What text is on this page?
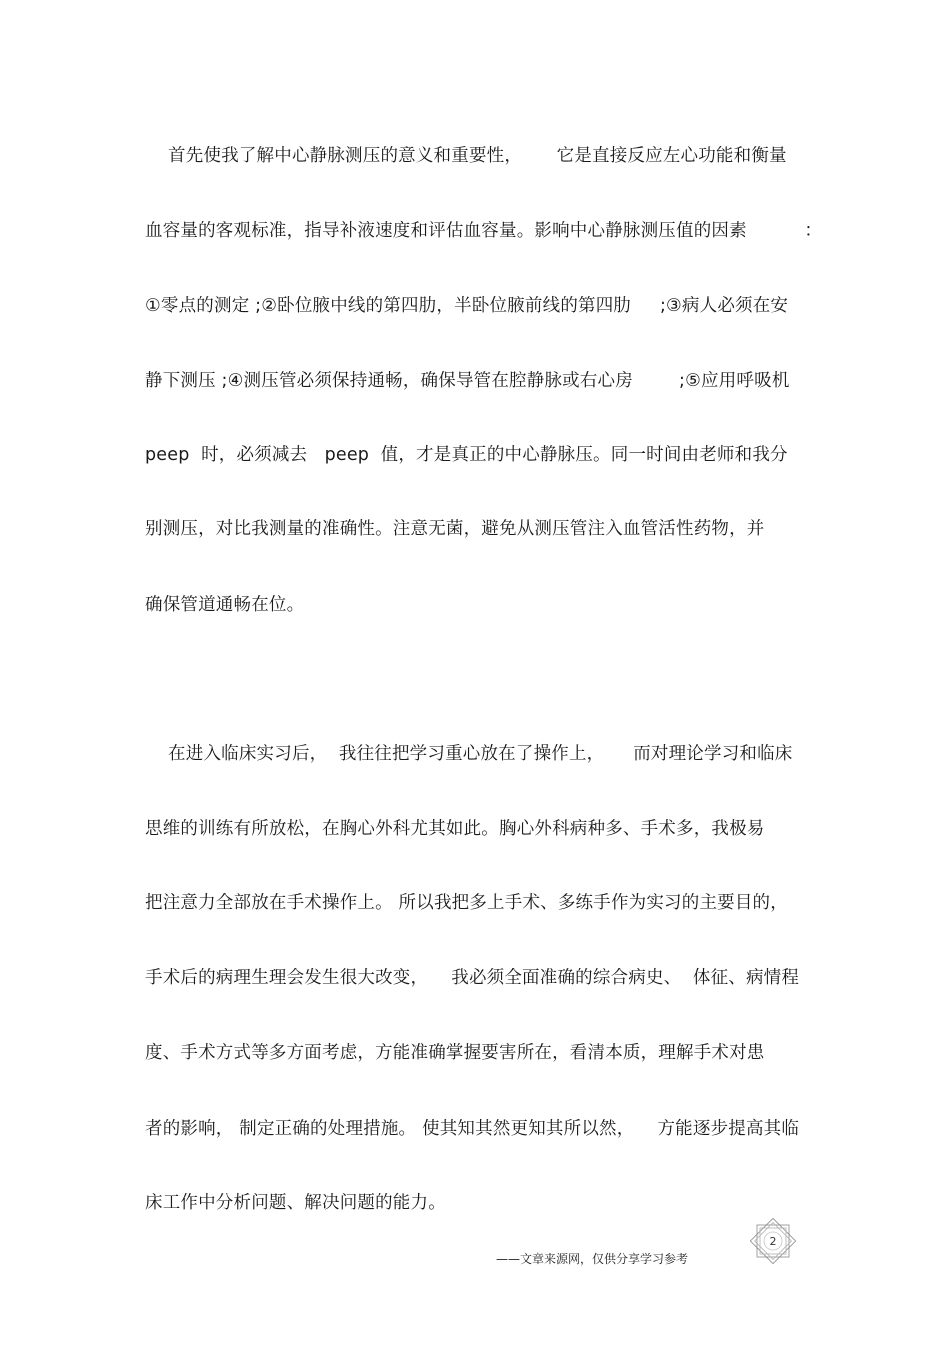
首先使我了解中心静脉测压的意义和重要性，      它是直接反应左心功能和衡量
血容量的客观标准，指导补液速度和评估血容量。影响中心静脉测压值的因素          ：
①零点的测定 ;②卧位腋中线的第四肋，半卧位腋前线的第四肋     ;③病人必须在安
静下测压 ;④测压管必须保持通畅，确保导管在腔静脉或右心房        ;⑤应用呼吸机
peep  时，必须减去   peep  值，才是真正的中心静脉压。同一时间由老师和我分
别测压，对比我测量的准确性。注意无菌，避免从测压管注入血管活性药物，并
确保管道通畅在位。
在进入临床实习后，  我往往把学习重心放在了操作上，     而对理论学习和临床
思维的训练有所放松，在胸心外科尤其如此。胸心外科病种多、手术多，我极易
把注意力全部放在手术操作上。 所以我把多上手术、多练手作为实习的主要目的，
手术后的病理生理会发生很大改变，    我必须全面准确的综合病史、  体征、病情程
度、手术方式等多方面考虑，方能准确掌握要害所在，看清本质，理解手术对患
者的影响， 制定正确的处理措施。 使其知其然更知其所以然，    方能逐步提高其临
床工作中分析问题、解决问题的能力。
——文章来源网，仅供分享学习参考
2
